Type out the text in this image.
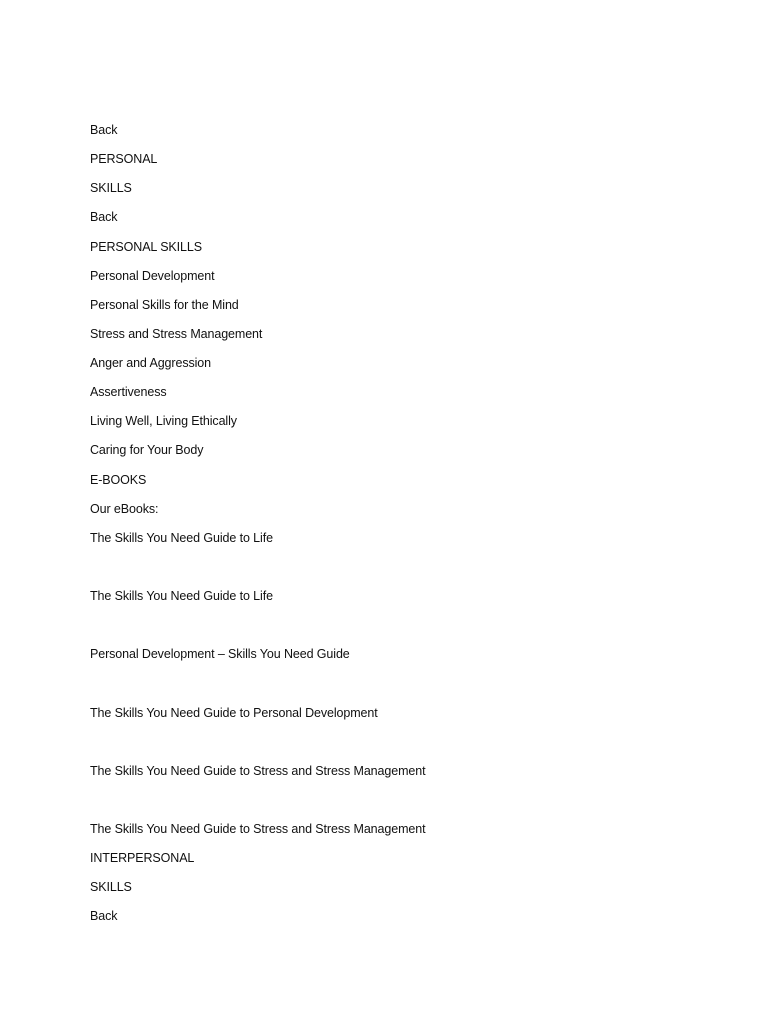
Back
PERSONAL
SKILLS
Back
PERSONAL SKILLS
Personal Development
Personal Skills for the Mind
Stress and Stress Management
Anger and Aggression
Assertiveness
Living Well, Living Ethically
Caring for Your Body
E-BOOKS
Our eBooks:
The Skills You Need Guide to Life
The Skills You Need Guide to Life
Personal Development – Skills You Need Guide
The Skills You Need Guide to Personal Development
The Skills You Need Guide to Stress and Stress Management
The Skills You Need Guide to Stress and Stress Management
INTERPERSONAL
SKILLS
Back
